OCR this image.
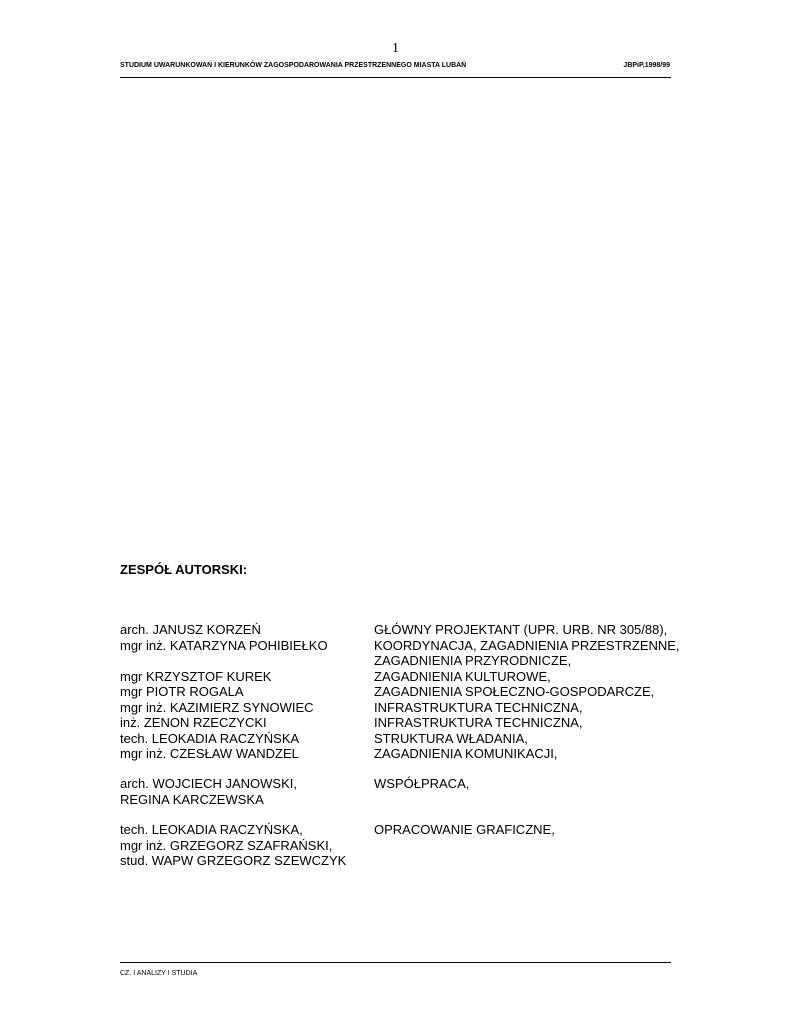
1
STUDIUM UWARUNKOWAŃ I KIERUNKÓW ZAGOSPODAROWANIA PRZESTRZENNEGO MIASTA LUBAŃ	JBPiP,1998/99
ZESPÓŁ AUTORSKI:
arch. JANUSZ KORZEŃ	GŁÓWNY PROJEKTANT (UPR. URB. NR 305/88),
mgr inż. KATARZYNA POHIBIEŁKO	KOORDYNACJA, ZAGADNIENIA PRZESTRZENNE,
ZAGADNIENIA PRZYRODNICZE,
mgr KRZYSZTOF KUREK	ZAGADNIENIA KULTUROWE,
mgr PIOTR ROGALA	ZAGADNIENIA SPOŁECZNO-GOSPODARCZE,
mgr inż. KAZIMIERZ SYNOWIEC	INFRASTRUKTURA TECHNICZNA,
inż. ZENON RZECZYCKI	INFRASTRUKTURA TECHNICZNA,
tech. LEOKADIA RACZYŃSKA	STRUKTURA WŁADANIA,
mgr inż. CZESŁAW WANDZEL	ZAGADNIENIA KOMUNIKACJI,
arch. WOJCIECH JANOWSKI,	WSPÓŁPRACA,
REGINA KARCZEWSKA
tech. LEOKADIA RACZYŃSKA,	OPRACOWANIE GRAFICZNE,
mgr inż. GRZEGORZ SZAFRAŃSKI,
stud. WAPW GRZEGORZ SZEWCZYK
CZ. I ANALIZY I STUDIA
